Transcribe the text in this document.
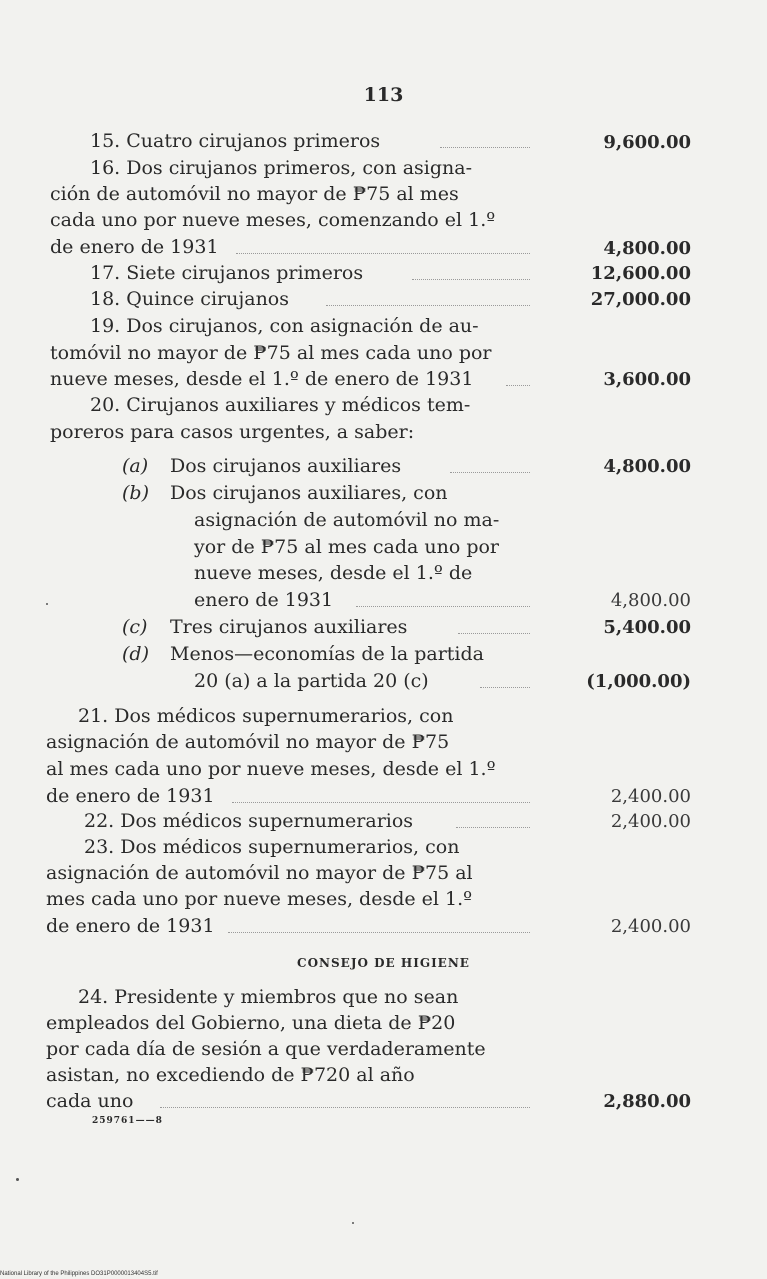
113
15. Cuatro cirujanos primeros	9,600.00
16. Dos cirujanos primeros, con asigna-
ción de automóvil no mayor de ₱75 al mes
cada uno por nueve meses, comenzando el 1.º
de enero de 1931	4,800.00
17. Siete cirujanos primeros	12,600.00
18. Quince cirujanos	27,000.00
19. Dos cirujanos, con asignación de au-
tomóvil no mayor de ₱75 al mes cada uno por
nueve meses, desde el 1.º de enero de 1931	3,600.00
20. Cirujanos auxiliares y médicos tem-
poreros para casos urgentes, a saber:
(a) Dos cirujanos auxiliares	4,800.00
(b) Dos cirujanos auxiliares, con
asignación de automóvil no ma-
yor de ₱75 al mes cada uno por
nueve meses, desde el 1.º de
enero de 1931	4,800.00
(c) Tres cirujanos auxiliares	5,400.00
(d) Menos—economías de la partida
20 (a) a la partida 20 (c)	(1,000.00)
21. Dos médicos supernumerarios, con
asignación de automóvil no mayor de ₱75
al mes cada uno por nueve meses, desde el 1.º
de enero de 1931	2,400.00
22. Dos médicos supernumerarios	2,400.00
23. Dos médicos supernumerarios, con
asignación de automóvil no mayor de ₱75 al
mes cada uno por nueve meses, desde el 1.º
de enero de 1931	2,400.00
CONSEJO DE HIGIENE
24. Presidente y miembros que no sean
empleados del Gobierno, una dieta de ₱20
por cada día de sesión a que verdaderamente
asistan, no excediendo de ₱720 al año
cada uno	2,880.00
259761——8
National Library of the Philippines DO31P0000013404S5.tif
